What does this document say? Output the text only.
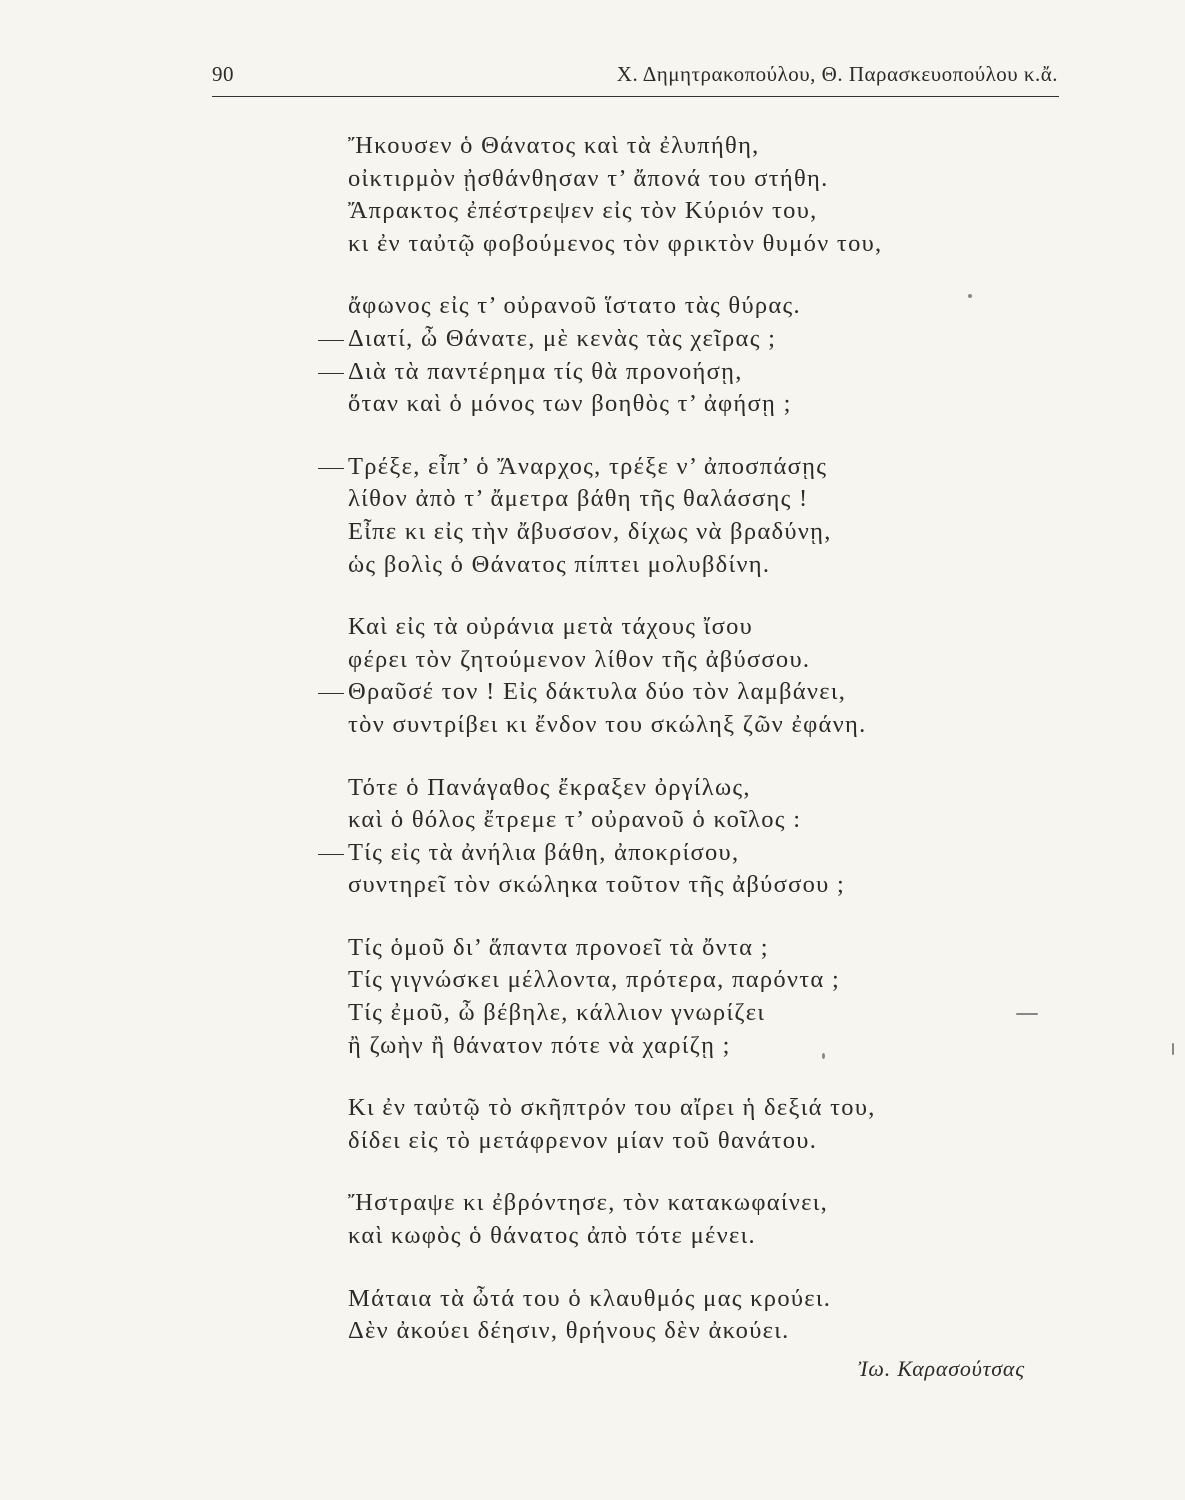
90	Χ. Δημητρακοπούλου, Θ. Παρασκευοπούλου κ.ἄ.
Ἤκουσεν ὁ Θάνατος καὶ τὰ ἐλυπήθη,
οἰκτιρμὸν ᾐσθάνθησαν τ’ ἄπονά του στήθη.
Ἄπρακτος ἐπέστρεψεν εἰς τὸν Κύριόν του,
κι ἐν ταὐτῷ φοβούμενος τὸν φρικτὸν θυμόν του,
ἄφωνος εἰς τ’ οὐρανοῦ ἵστατο τὰς θύρας.
Διατί, ὦ Θάνατε, μὲ κενὰς τὰς χεῖρας ;
Διὰ τὰ παντέρημα τίς θὰ προνοήσῃ,
ὅταν καὶ ὁ μόνος των βοηθὸς τ’ ἀφήσῃ ;
Τρέξε, εἶπ’ ὁ Ἄναρχος, τρέξε ν’ ἀποσπάσῃς
λίθον ἀπὸ τ’ ἄμετρα βάθη τῆς θαλάσσης !
Εἶπε κι εἰς τὴν ἄβυσσον, δίχως νὰ βραδύνῃ,
ὡς βολὶς ὁ Θάνατος πίπτει μολυβδίνη.
Καὶ εἰς τὰ οὐράνια μετὰ τάχους ἴσου
φέρει τὸν ζητούμενον λίθον τῆς ἀβύσσου.
Θραῦσέ τον ! Εἰς δάκτυλα δύο τὸν λαμβάνει,
τὸν συντρίβει κι ἔνδον του σκώληξ ζῶν ἐφάνη.
Τότε ὁ Πανάγαθος ἔκραξεν ὀργίλως,
καὶ ὁ θόλος ἔτρεμε τ’ οὐρανοῦ ὁ κοῖλος :
Τίς εἰς τὰ ἀνήλια βάθη, ἀποκρίσου,
συντηρεῖ τὸν σκώληκα τοῦτον τῆς ἀβύσσου ;
Τίς ὁμοῦ δι’ ἅπαντα προνοεῖ τὰ ὄντα ;
Τίς γιγνώσκει μέλλοντα, πρότερα, παρόντα ;
Τίς ἐμοῦ, ὦ βέβηλε, κάλλιον γνωρίζει
ἢ ζωὴν ἢ θάνατον πότε νὰ χαρίζῃ ;
Κι ἐν ταὐτῷ τὸ σκῆπτρόν του αἴρει ἡ δεξιά του,
δίδει εἰς τὸ μετάφρενον μίαν τοῦ θανάτου.
Ἤστραψε κι ἐβρόντησε, τὸν κατακωφαίνει,
καὶ κωφὸς ὁ θάνατος ἀπὸ τότε μένει.
Μάταια τὰ ὦτά του ὁ κλαυθμός μας κρούει.
Δὲν ἀκούει δέησιν, θρήνους δὲν ἀκούει.
Ἰω. Καρασούτσας
